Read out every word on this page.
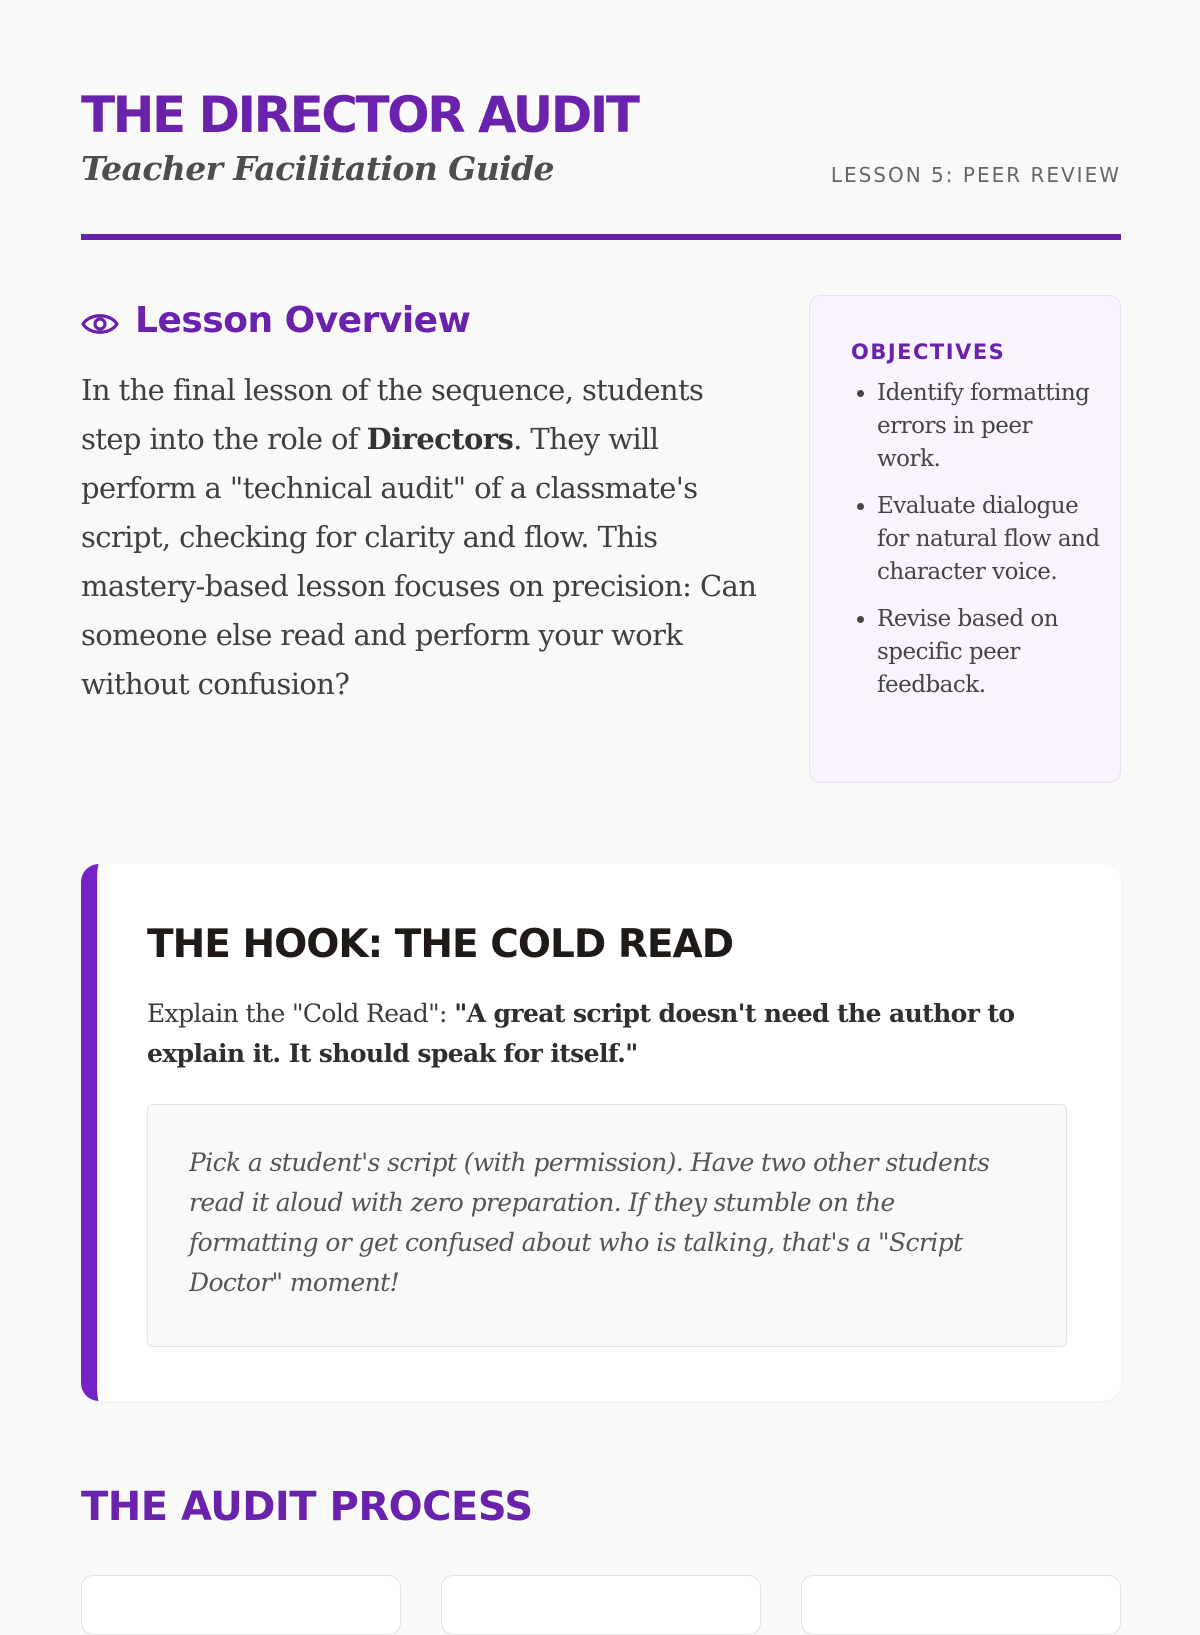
THE DIRECTOR AUDIT
Teacher Facilitation Guide	LESSON 5: PEER REVIEW
Lesson Overview

In the final lesson of the sequence, students step into the role of Directors. They will perform a "technical audit" of a classmate's script, checking for clarity and flow. This mastery-based lesson focuses on precision: Can someone else read and perform your work without confusion?

OBJECTIVES
• Identify formatting errors in peer work.
• Evaluate dialogue for natural flow and character voice.
• Revise based on specific peer feedback.
THE HOOK: THE COLD READ

Explain the "Cold Read": "A great script doesn't need the author to explain it. It should speak for itself."

Pick a student's script (with permission). Have two other students read it aloud with zero preparation. If they stumble on the formatting or get confused about who is talking, that's a "Script Doctor" moment!
THE AUDIT PROCESS
